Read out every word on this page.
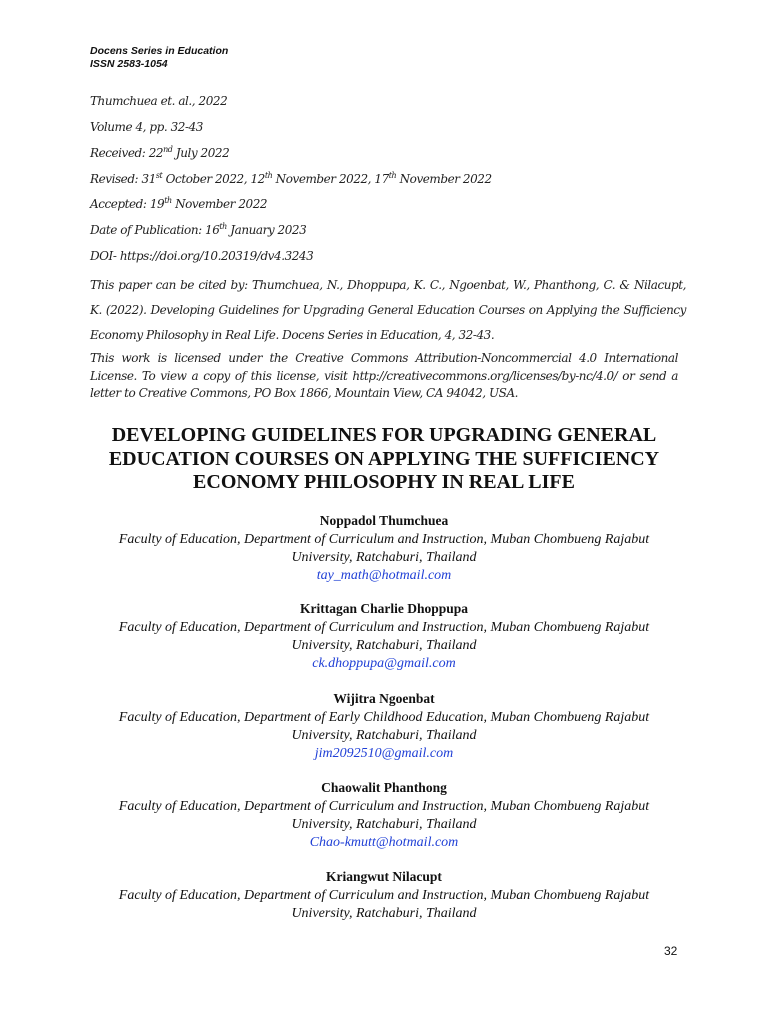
Docens Series in Education
ISSN 2583-1054
Thumchuea et. al., 2022
Volume 4, pp. 32-43
Received: 22nd July 2022
Revised: 31st October 2022, 12th November 2022, 17th November 2022
Accepted: 19th November 2022
Date of Publication: 16th January 2023
DOI- https://doi.org/10.20319/dv4.3243
This paper can be cited by: Thumchuea, N., Dhoppupa, K. C., Ngoenbat, W., Phanthong, C. & Nilacupt, K. (2022). Developing Guidelines for Upgrading General Education Courses on Applying the Sufficiency Economy Philosophy in Real Life. Docens Series in Education, 4, 32-43.
This work is licensed under the Creative Commons Attribution-Noncommercial 4.0 International License. To view a copy of this license, visit http://creativecommons.org/licenses/by-nc/4.0/ or send a letter to Creative Commons, PO Box 1866, Mountain View, CA 94042, USA.
DEVELOPING GUIDELINES FOR UPGRADING GENERAL
EDUCATION COURSES ON APPLYING THE SUFFICIENCY
ECONOMY PHILOSOPHY IN REAL LIFE
Noppadol Thumchuea
Faculty of Education, Department of Curriculum and Instruction, Muban Chombueng Rajabut
University, Ratchaburi, Thailand
tay_math@hotmail.com
Krittagan Charlie Dhoppupa
Faculty of Education, Department of Curriculum and Instruction, Muban Chombueng Rajabut
University, Ratchaburi, Thailand
ck.dhoppupa@gmail.com
Wijitra Ngoenbat
Faculty of Education, Department of Early Childhood Education, Muban Chombueng Rajabut
University, Ratchaburi, Thailand
jim2092510@gmail.com
Chaowalit Phanthong
Faculty of Education, Department of Curriculum and Instruction, Muban Chombueng Rajabut
University, Ratchaburi, Thailand
Chao-kmutt@hotmail.com
Kriangwut Nilacupt
Faculty of Education, Department of Curriculum and Instruction, Muban Chombueng Rajabut
University, Ratchaburi, Thailand
32
